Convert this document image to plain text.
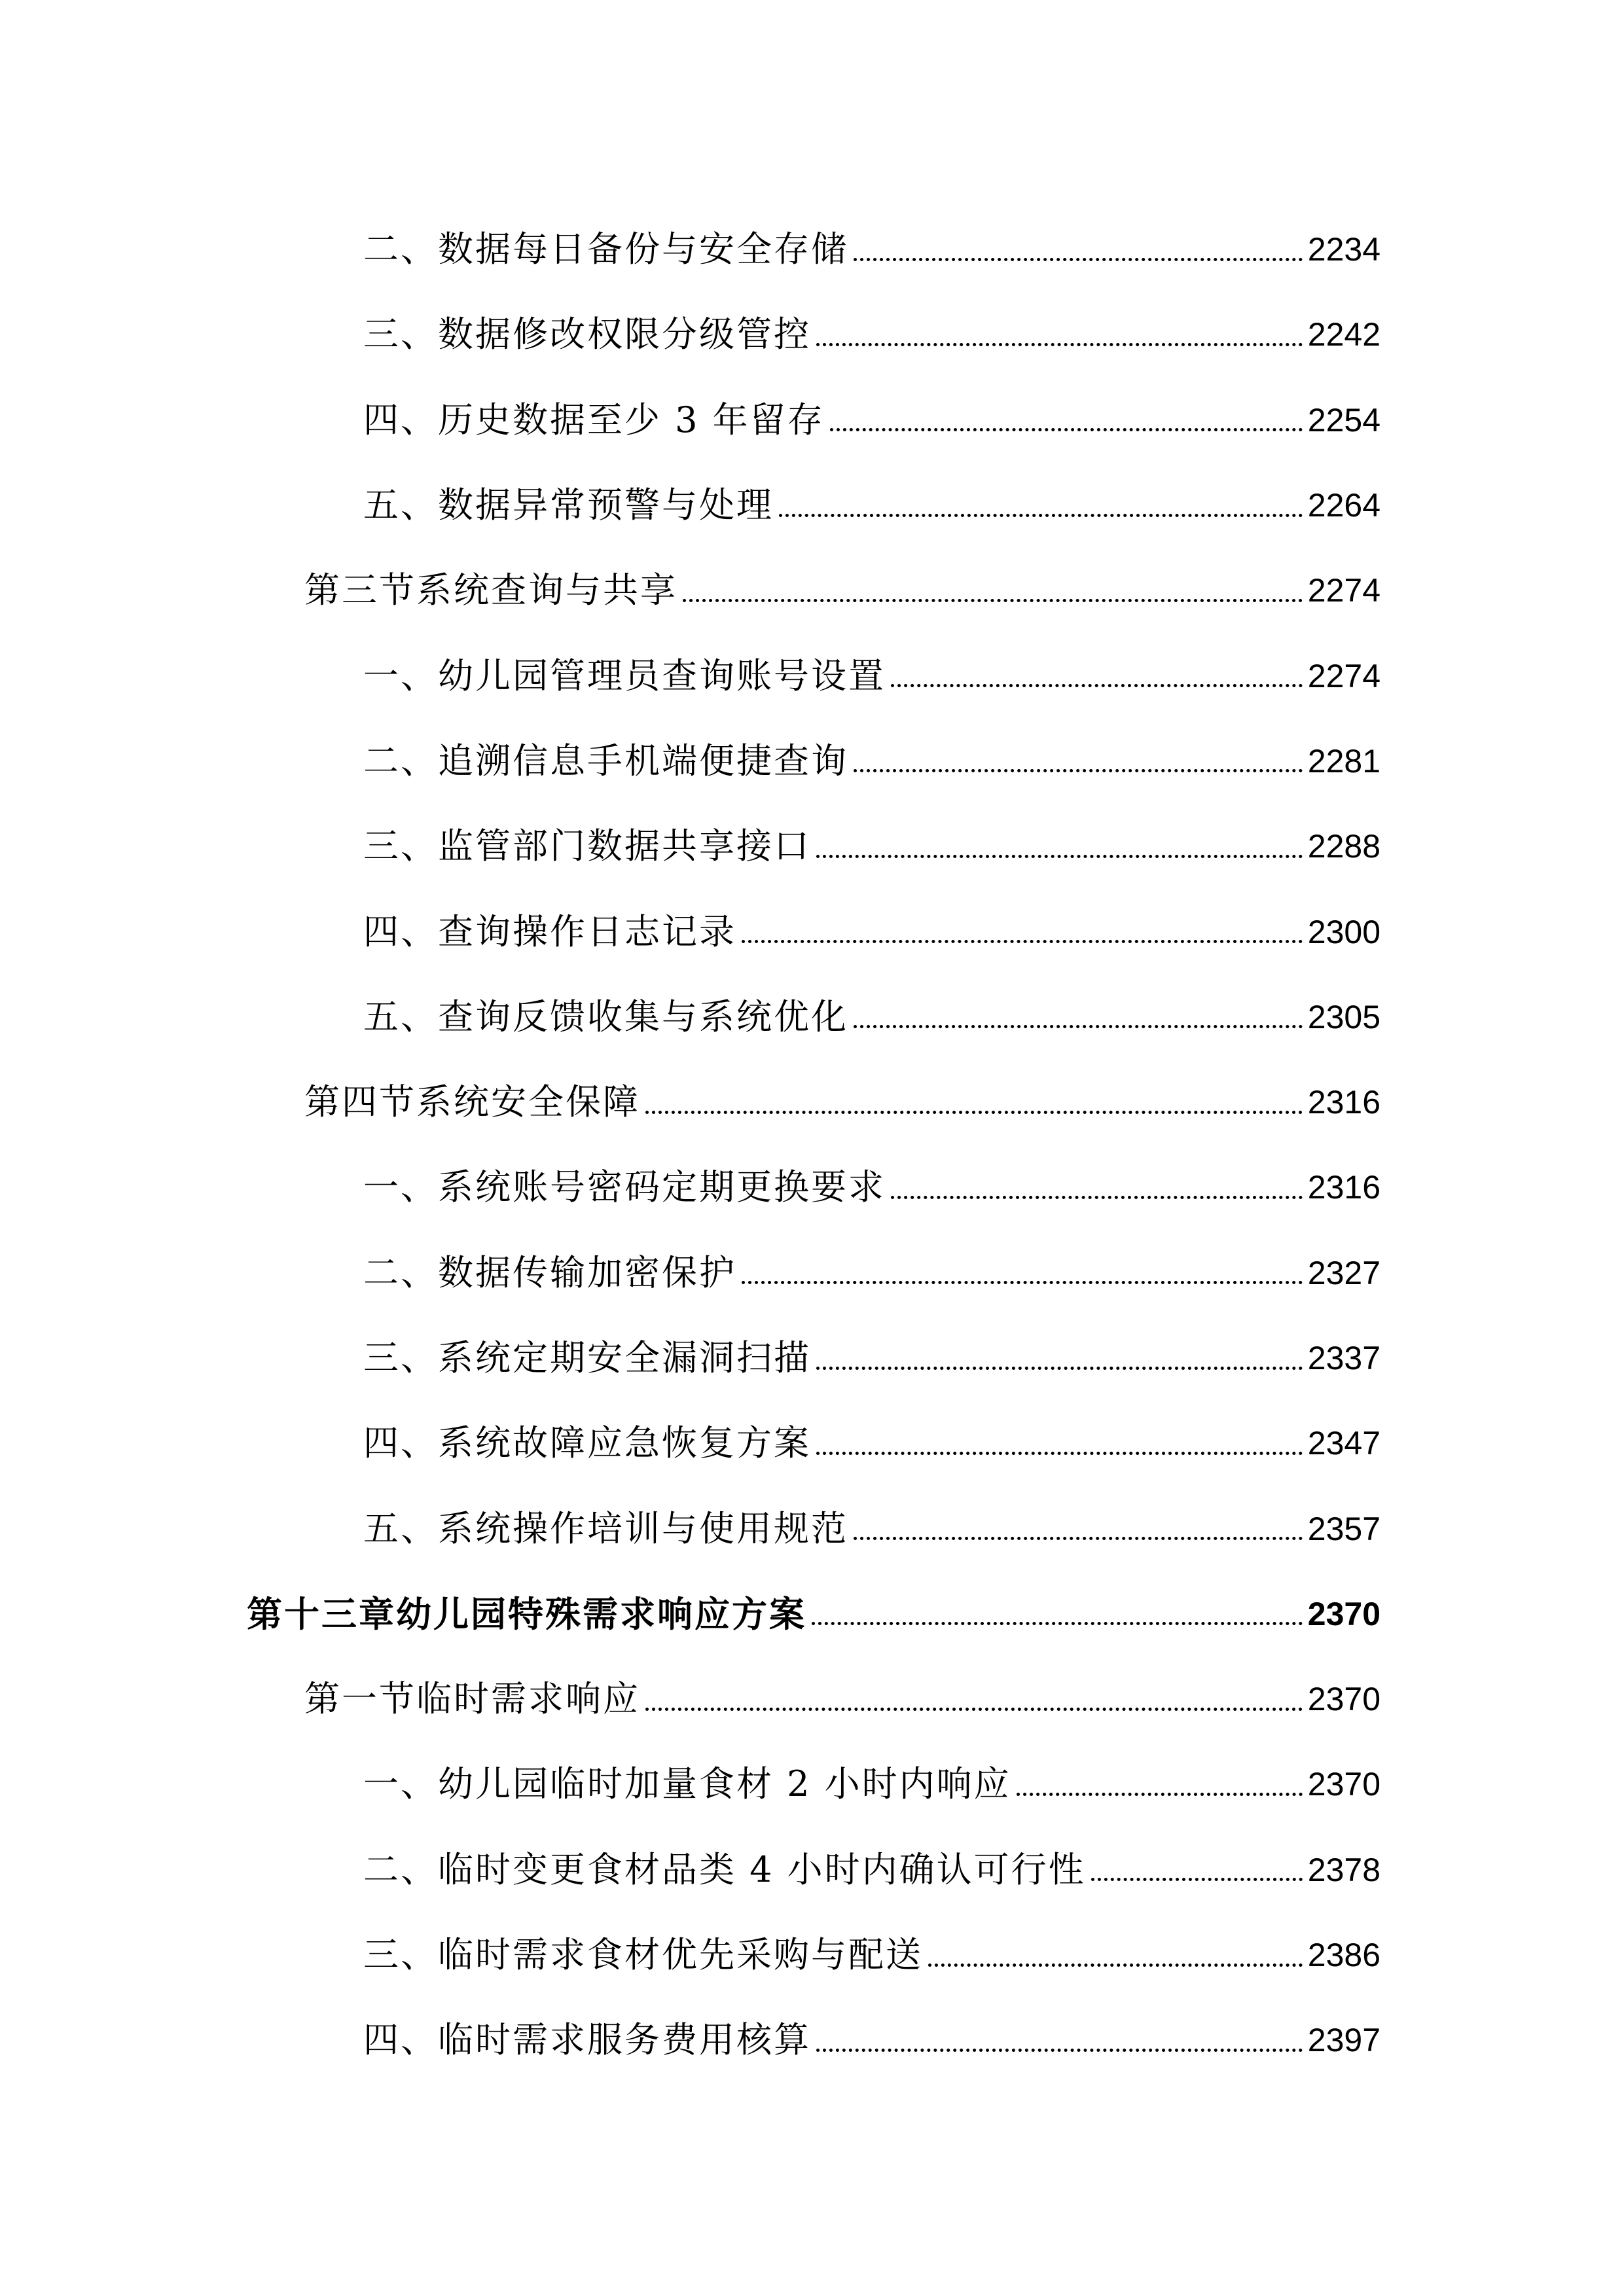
二、数据每日备份与安全存储	2234
三、数据修改权限分级管控	2242
四、历史数据至少 3 年留存	2254
五、数据异常预警与处理	2264
第三节系统查询与共享	2274
一、幼儿园管理员查询账号设置	2274
二、追溯信息手机端便捷查询	2281
三、监管部门数据共享接口	2288
四、查询操作日志记录	2300
五、查询反馈收集与系统优化	2305
第四节系统安全保障	2316
一、系统账号密码定期更换要求	2316
二、数据传输加密保护	2327
三、系统定期安全漏洞扫描	2337
四、系统故障应急恢复方案	2347
五、系统操作培训与使用规范	2357
第十三章幼儿园特殊需求响应方案	2370
第一节临时需求响应	2370
一、幼儿园临时加量食材 2 小时内响应	2370
二、临时变更食材品类 4 小时内确认可行性	2378
三、临时需求食材优先采购与配送	2386
四、临时需求服务费用核算	2397
